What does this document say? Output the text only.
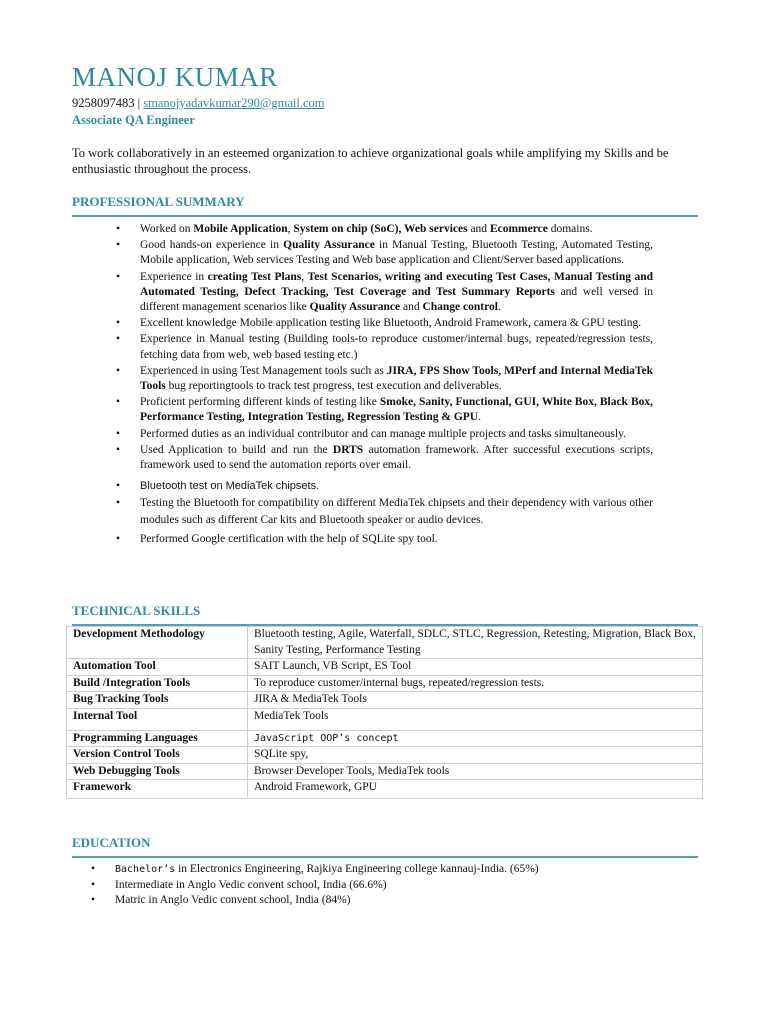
MANOJ KUMAR
9258097483 | smanojyadavkumar290@gmail.com
Associate QA Engineer
To work collaboratively in an esteemed organization to achieve organizational goals while amplifying my Skills and be enthusiastic throughout the process.
PROFESSIONAL SUMMARY
• Worked on Mobile Application, System on chip (SoC), Web services and Ecommerce domains.
• Good hands-on experience in Quality Assurance in Manual Testing, Bluetooth Testing, Automated Testing, Mobile application, Web services Testing and Web base application and Client/Server based applications.
• Experience in creating Test Plans, Test Scenarios, writing and executing Test Cases, Manual Testing and Automated Testing, Defect Tracking, Test Coverage and Test Summary Reports and well versed in different management scenarios like Quality Assurance and Change control.
• Excellent knowledge Mobile application testing like Bluetooth, Android Framework, camera & GPU testing.
• Experience in Manual testing (Building tools-to reproduce customer/internal bugs, repeated/regression tests, fetching data from web, web based testing etc.)
• Experienced in using Test Management tools such as JIRA, FPS Show Tools, MPerf and Internal MediaTek Tools bug reportingtools to track test progress, test execution and deliverables.
• Proficient performing different kinds of testing like Smoke, Sanity, Functional, GUI, White Box, Black Box, Performance Testing, Integration Testing, Regression Testing & GPU.
• Performed duties as an individual contributor and can manage multiple projects and tasks simultaneously.
• Used Application to build and run the DRTS automation framework. After successful executions scripts, framework used to send the automation reports over email.
• Bluetooth test on MediaTek chipsets.
• Testing the Bluetooth for compatibility on different MediaTek chipsets and their dependency with various other modules such as different Car kits and Bluetooth speaker or audio devices.
• Performed Google certification with the help of SQLite spy tool.
TECHNICAL SKILLS
Development Methodology	Bluetooth testing, Agile, Waterfall, SDLC, STLC, Regression, Retesting, Migration, Black Box, Sanity Testing, Performance Testing
Automation Tool	SAIT Launch, VB Script, ES Tool
Build /Integration Tools	To reproduce customer/internal bugs, repeated/regression tests.
Bug Tracking Tools	JIRA & MediaTek Tools
Internal Tool	MediaTek Tools
Programming Languages	JavaScript OOP’s concept
Version Control Tools	SQLite spy,
Web Debugging Tools	Browser Developer Tools, MediaTek tools
Framework	Android Framework, GPU
EDUCATION
• Bachelor’s in Electronics Engineering, Rajkiya Engineering college kannauj-India. (65%)
• Intermediate in Anglo Vedic convent school, India (66.6%)
• Matric in Anglo Vedic convent school, India (84%)
